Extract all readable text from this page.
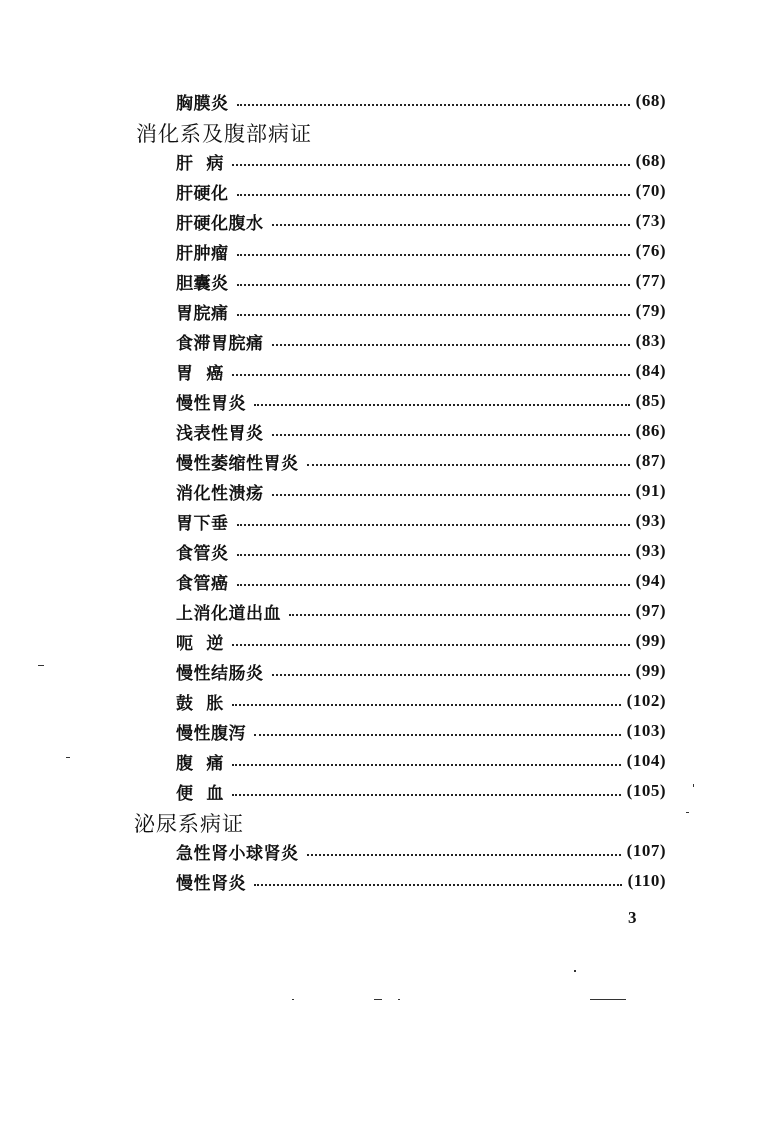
胸膜炎	(68)
消化系及腹部病证
肝  病	(68)
肝硬化	(70)
肝硬化腹水	(73)
肝肿瘤	(76)
胆囊炎	(77)
胃脘痛	(79)
食滞胃脘痛	(83)
胃  癌	(84)
慢性胃炎	(85)
浅表性胃炎	(86)
慢性萎缩性胃炎	(87)
消化性溃疡	(91)
胃下垂	(93)
食管炎	(93)
食管癌	(94)
上消化道出血	(97)
呃  逆	(99)
慢性结肠炎	(99)
鼓  胀	(102)
慢性腹泻	(103)
腹  痛	(104)
便  血	(105)
泌尿系病证
急性肾小球肾炎	(107)
慢性肾炎	(110)
3
